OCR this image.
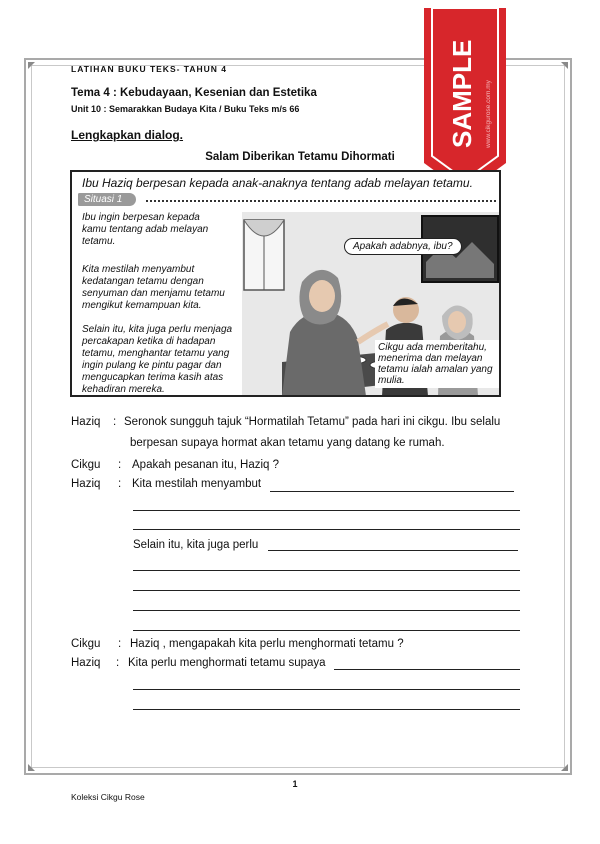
LATIHAN BUKU TEKS- TAHUN 4
Tema 4 : Kebudayaan, Kesenian dan Estetika
Unit 10 : Semarakkan Budaya Kita / Buku Teks m/s 66	SAMPLE www.cikgurose.com.my
Lengkapkan dialog.
Salam Diberikan Tetamu Dihormati
Ibu Haziq berpesan kepada anak-anaknya tentang adab melayan tetamu.
Situasi 1
Ibu ingin berpesan kepada kamu tentang adab melayan tetamu.
Kita mestilah menyambut kedatangan tetamu dengan senyuman dan menjamu tetamu mengikut kemampuan kita.
Selain itu, kita juga perlu menjaga percakapan ketika di hadapan tetamu, menghantar tetamu yang ingin pulang ke pintu pagar dan mengucapkan terima kasih atas kehadiran mereka.
Apakah adabnya, ibu?
Cikgu ada memberitahu, menerima dan melayan tetamu ialah amalan yang mulia.
Haziq : Seronok sungguh tajuk “Hormatilah Tetamu” pada hari ini cikgu. Ibu selalu
berpesan supaya hormat akan tetamu yang datang ke rumah.
Cikgu : Apakah pesanan itu, Haziq ?
Haziq : Kita mestilah menyambut
Selain itu, kita juga perlu
Cikgu : Haziq , mengapakah kita perlu menghormati tetamu ?
Haziq : Kita perlu menghormati tetamu supaya
1
Koleksi Cikgu Rose
